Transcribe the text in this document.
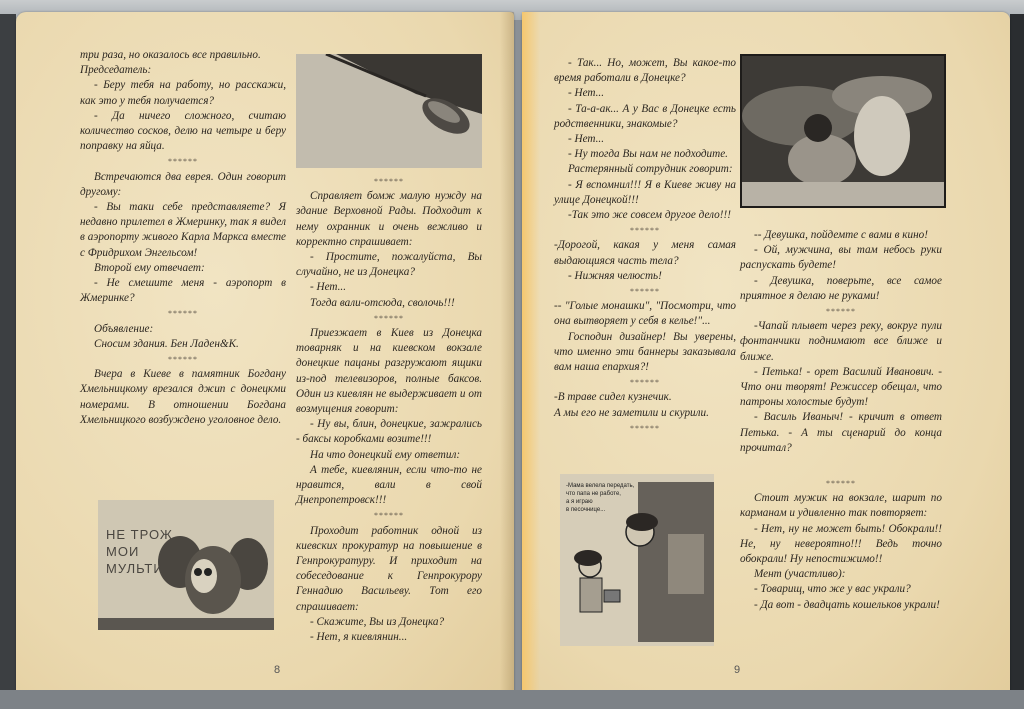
три раза, но оказалось все правильно.

Председатель:

- Беру тебя на работу, но расскажи, как это у тебя получается?

- Да ничего сложного, считаю количество сосков, делю на четыре и беру поправку на яйца.

******

Встречаются два еврея. Один говорит другому:

- Вы таки себе представляете? Я недавно прилетел в Жмеринку, так я видел в аэропорту живого Карла Маркса вместе с Фридрихом Энгельсом!

Второй ему отвечает:

- Не смешите меня - аэропорт в Жмеринке?

******

Объявление:

Сносим здания. Бен Ладен&К.

******

Вчера в Киеве в памятник Богдану Хмельницкому врезался джип с донецкми номерами. В отношении Богдана Хмельницкого возбуждено уголовное дело.

******

Справляет бомж малую нужду на здание Верховной Рады. Подходит к нему охранник и очень вежливо и корректно спрашивает:

- Простите, пожалуйста, Вы случайно, не из Донецка?

- Нет...

Тогда вали-отсюда, сволочь!!!

******

Приезжает в Киев из Донецка товарняк и на киевском вокзале донецкие пацаны разгружают ящики из-под телевизоров, полные баксов. Один из киевлян не выдерживает и от возмущения говорит:

- Ну вы, блин, донецкие, зажрались - баксы коробками возите!!!

На что донецкий ему ответил:

А тебе, киевлянин, если что-то не нравится, вали в свой Днепропетровск!!!

******

Проходит работник одной из киевских прокуратур на повышение в Генпрокуратуру. И приходит на собеседование к Генпрокурору Геннадию Васильеву. Тот его спрашивает:

- Скажите, Вы из Донецка?

- Нет, я киевлянин...

НЕ ТРОЖ
МОИ
МУЛЬТИ
8

- Так... Но, может, Вы какое-то время работали в Донецке?

- Нет...

- Та-а-ак... А у Вас в Донецке есть родственники, знакомые?

- Нет...

- Ну тогда Вы нам не подходите.

Растерянный сотрудник говорит:

- Я вспомнил!!! Я в Киеве живу на улице Донецкой!!!

-Так это же совсем другое дело!!!

******

-Дорогой, какая у меня самая выдающияся часть тела?

- Нижняя челюсть!

******

-- "Голые монашки", "Посмотри, что она вытворяет у себя в келье!"...

Господин дизайнер! Вы уверены, что именно эти баннеры заказывала вам наша епархия?!

******

-В траве сидел кузнечик.

А мы его не заметили и скурили.

******

-Мама велела передать,
что папа не работе,
а я играю
в песочнице...

-- Девушка, пойдемте с вами в кино!

- Ой, мужчина, вы там небось руки распускать будете!

- Девушка, поверьте, все самое приятное я делаю не руками!

******

-Чапай плывет через реку, вокруг пули фонтанчики поднимают все ближе и ближе.

- Петька! - орет Василий Иванович. - Что они творят! Режиссер обещал, что патроны холостые будут!

- Василь Иваныч! - кричит в ответ Петька. - А ты сценарий до конца прочитал?

******

Стоит мужик на вокзале, шарит по карманам и удивленно так повторяет:

- Нет, ну не может быть! Обокрали!! Не, ну невероятно!!! Ведь точно обокрали! Ну непостижимо!!

Мент (участливо):

- Товарищ, что же у вас украли?

- Да вот - двадцать кошельков украли!

9
